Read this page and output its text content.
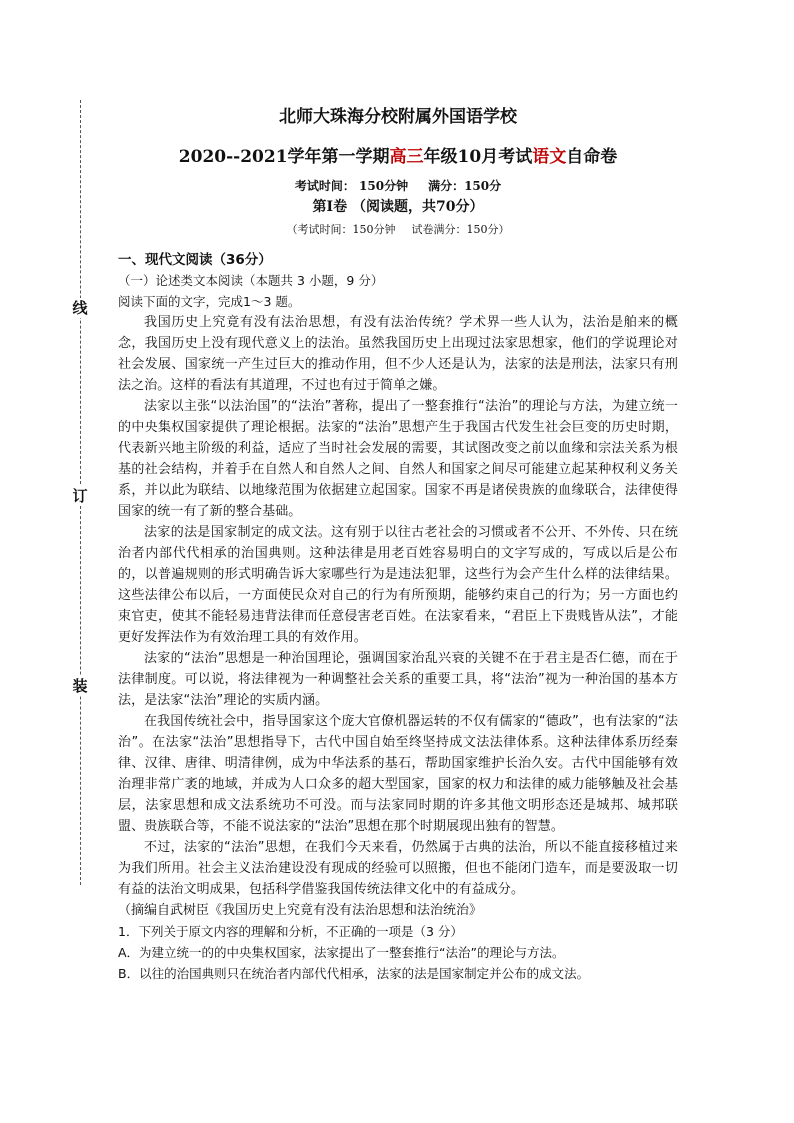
线
订
装
北师大珠海分校附属外国语学校
2020--2021学年第一学期高三年级10月考试语文自命卷
考试时间： 150分钟 满分：150分
第Ⅰ卷 （阅读题，共70分）
（考试时间：150分钟 试卷满分：150分）
一、现代文阅读（36分）
（一）论述类文本阅读（本题共 3 小题，9 分）
阅读下面的文字，完成1～3 题。

我国历史上究竟有没有法治思想，有没有法治传统？学术界一些人认为，法治是舶来的概念，我国历史上没有现代意义上的法治。虽然我国历史上出现过法家思想家，他们的学说理论对社会发展、国家统一产生过巨大的推动作用，但不少人还是认为，法家的法是刑法，法家只有刑法之治。这样的看法有其道理，不过也有过于简单之嫌。

法家以主张“以法治国”的“法治”著称，提出了一整套推行“法治”的理论与方法，为建立统一的中央集权国家提供了理论根据。法家的“法治”思想产生于我国古代发生社会巨变的历史时期，代表新兴地主阶级的利益，适应了当时社会发展的需要，其试图改变之前以血缘和宗法关系为根基的社会结构，并着手在自然人和自然人之间、自然人和国家之间尽可能建立起某种权利义务关系，并以此为联结、以地缘范围为依据建立起国家。国家不再是诸侯贵族的血缘联合，法律使得国家的统一有了新的整合基础。

法家的法是国家制定的成文法。这有别于以往古老社会的习惯或者不公开、不外传、只在统治者内部代代相承的治国典则。这种法律是用老百姓容易明白的文字写成的，写成以后是公布的，以普遍规则的形式明确告诉大家哪些行为是违法犯罪，这些行为会产生什么样的法律结果。这些法律公布以后，一方面使民众对自己的行为有所预期，能够约束自己的行为；另一方面也约束官吏，使其不能轻易违背法律而任意侵害老百姓。在法家看来，“君臣上下贵贱皆从法”，才能更好发挥法作为有效治理工具的有效作用。

法家的“法治”思想是一种治国理论，强调国家治乱兴衰的关键不在于君主是否仁德，而在于法律制度。可以说，将法律视为一种调整社会关系的重要工具，将“法治”视为一种治国的基本方法，是法家“法治”理论的实质内涵。

在我国传统社会中，指导国家这个庞大官僚机器运转的不仅有儒家的“德政”，也有法家的“法治”。在法家“法治”思想指导下，古代中国自始至终坚持成文法法律体系。这种法律体系历经秦律、汉律、唐律、明清律例，成为中华法系的基石，帮助国家维护长治久安。古代中国能够有效治理非常广袤的地域，并成为人口众多的超大型国家，国家的权力和法律的威力能够触及社会基层，法家思想和成文法系统功不可没。而与法家同时期的许多其他文明形态还是城邦、城邦联盟、贵族联合等，不能不说法家的“法治”思想在那个时期展现出独有的智慧。

不过，法家的“法治”思想，在我们今天来看，仍然属于古典的法治，所以不能直接移植过来为我们所用。社会主义法治建设没有现成的经验可以照搬，但也不能闭门造车，而是要汲取一切有益的法治文明成果，包括科学借鉴我国传统法律文化中的有益成分。

（摘编自武树臣《我国历史上究竟有没有法治思想和法治统治》
1．下列关于原文内容的理解和分析，不正确的一项是（3 分）
A．为建立统一的的中央集权国家，法家提出了一整套推行“法治”的理论与方法。
B．以往的治国典则只在统治者内部代代相承，法家的法是国家制定并公布的成文法。
